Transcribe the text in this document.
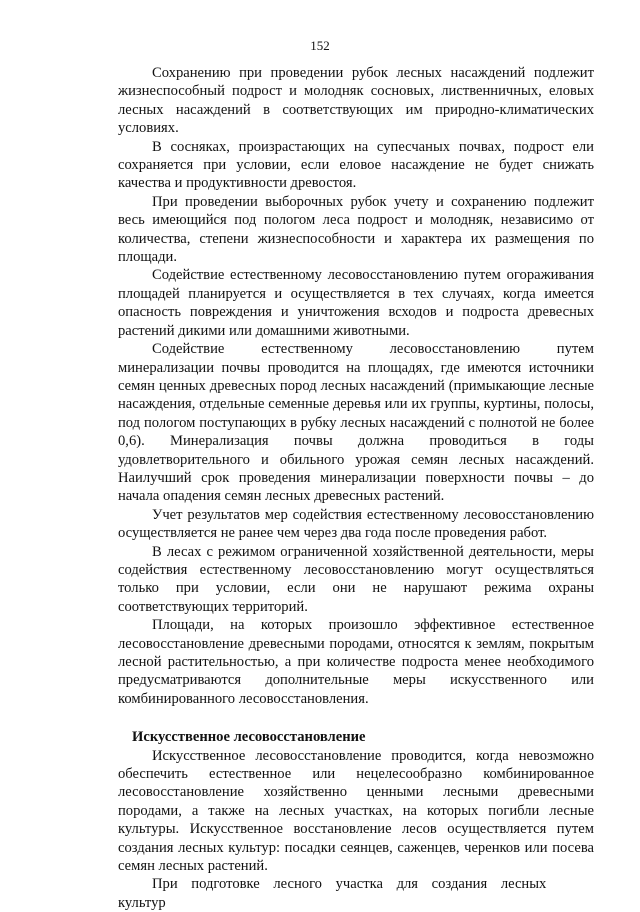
152

Сохранению при проведении рубок лесных насаждений подлежит жизнеспособный подрост и молодняк сосновых, лиственничных, еловых лесных насаждений в соответствующих им природно-климатических условиях.

В сосняках, произрастающих на супесчаных почвах, подрост ели сохраняется при условии, если еловое насаждение не будет снижать качества и продуктивности древостоя.

При проведении выборочных рубок учету и сохранению подлежит весь имеющийся под пологом леса подрост и молодняк, независимо от количества, степени жизнеспособности и характера их размещения по площади.

Содействие естественному лесовосстановлению путем огораживания площадей планируется и осуществляется в тех случаях, когда имеется опасность повреждения и уничтожения всходов и подроста древесных растений дикими или домашними животными.

Содействие естественному лесовосстановлению путем минерализации почвы проводится на площадях, где имеются источники семян ценных древесных пород лесных насаждений (примыкающие лесные насаждения, отдельные семенные деревья или их группы, куртины, полосы, под пологом поступающих в рубку лесных насаждений с полнотой не более 0,6). Минерализация почвы должна проводиться в годы удовлетворительного и обильного урожая семян лесных насаждений. Наилучший срок проведения минерализации поверхности почвы – до начала опадения семян лесных древесных растений.

Учет результатов мер содействия естественному лесовосстановлению осуществляется не ранее чем через два года после проведения работ.

В лесах с режимом ограниченной хозяйственной деятельности, меры содействия естественному лесовосстановлению могут осуществляться только при условии, если они не нарушают режима охраны соответствующих территорий.

Площади, на которых произошло эффективное естественное лесовосстановление древесными породами, относятся к землям, покрытым лесной растительностью, а при количестве подроста менее необходимого предусматриваются дополнительные меры искусственного или комбинированного лесовосстановления.

Искусственное лесовосстановление

Искусственное лесовосстановление проводится, когда невозможно обеспечить естественное или нецелесообразно комбинированное лесовосстановление хозяйственно ценными лесными древесными породами, а также на лесных участках, на которых погибли лесные культуры. Искусственное восстановление лесов осуществляется путем создания лесных культур: посадки сеянцев, саженцев, черенков или посева семян лесных растений.

При подготовке лесного участка для создания лесных культур
